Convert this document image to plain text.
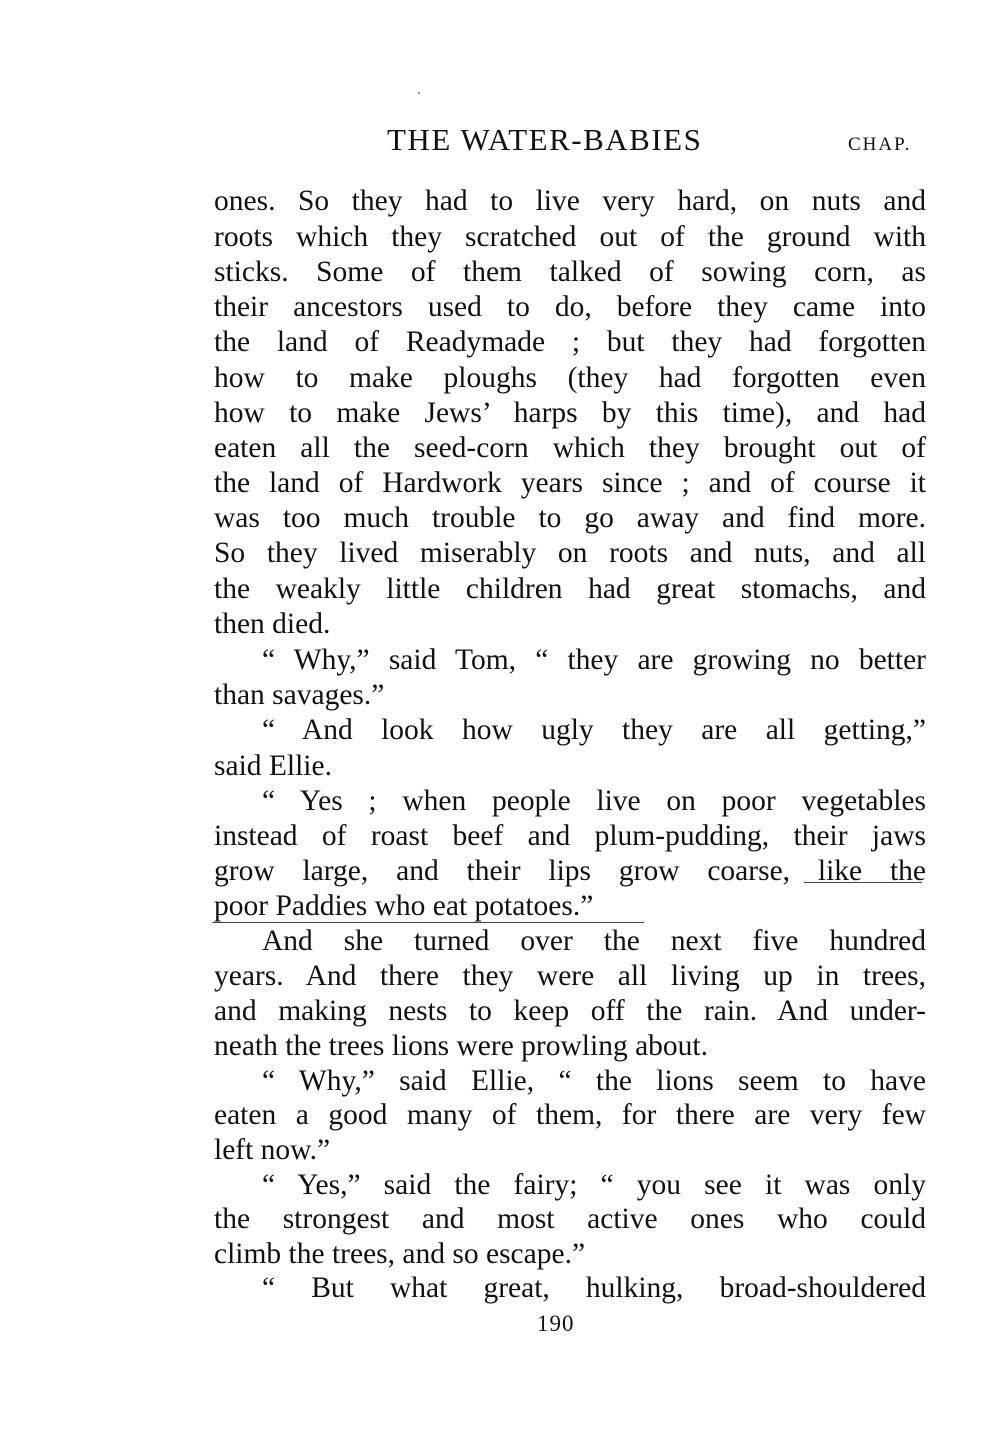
THE WATER-BABIES	CHAP.
ones. So they had to live very hard, on nuts and
roots which they scratched out of the ground with
sticks. Some of them talked of sowing corn, as
their ancestors used to do, before they came into
the land of Readymade ; but they had forgotten
how to make ploughs (they had forgotten even
how to make Jews’ harps by this time), and had
eaten all the seed-corn which they brought out of
the land of Hardwork years since ; and of course it
was too much trouble to go away and find more.
So they lived miserably on roots and nuts, and all
the weakly little children had great stomachs, and
then died.
“ Why,” said Tom, “ they are growing no better
than savages.”
“ And look how ugly they are all getting,”
said Ellie.
“ Yes ; when people live on poor vegetables
instead of roast beef and plum-pudding, their jaws
grow large, and their lips grow coarse, like the
poor Paddies who eat potatoes.”
And she turned over the next five hundred
years. And there they were all living up in trees,
and making nests to keep off the rain. And under-
neath the trees lions were prowling about.
“ Why,” said Ellie, “ the lions seem to have
eaten a good many of them, for there are very few
left now.”
“ Yes,” said the fairy; “ you see it was only
the strongest and most active ones who could
climb the trees, and so escape.”
“ But what great, hulking, broad-shouldered
190
